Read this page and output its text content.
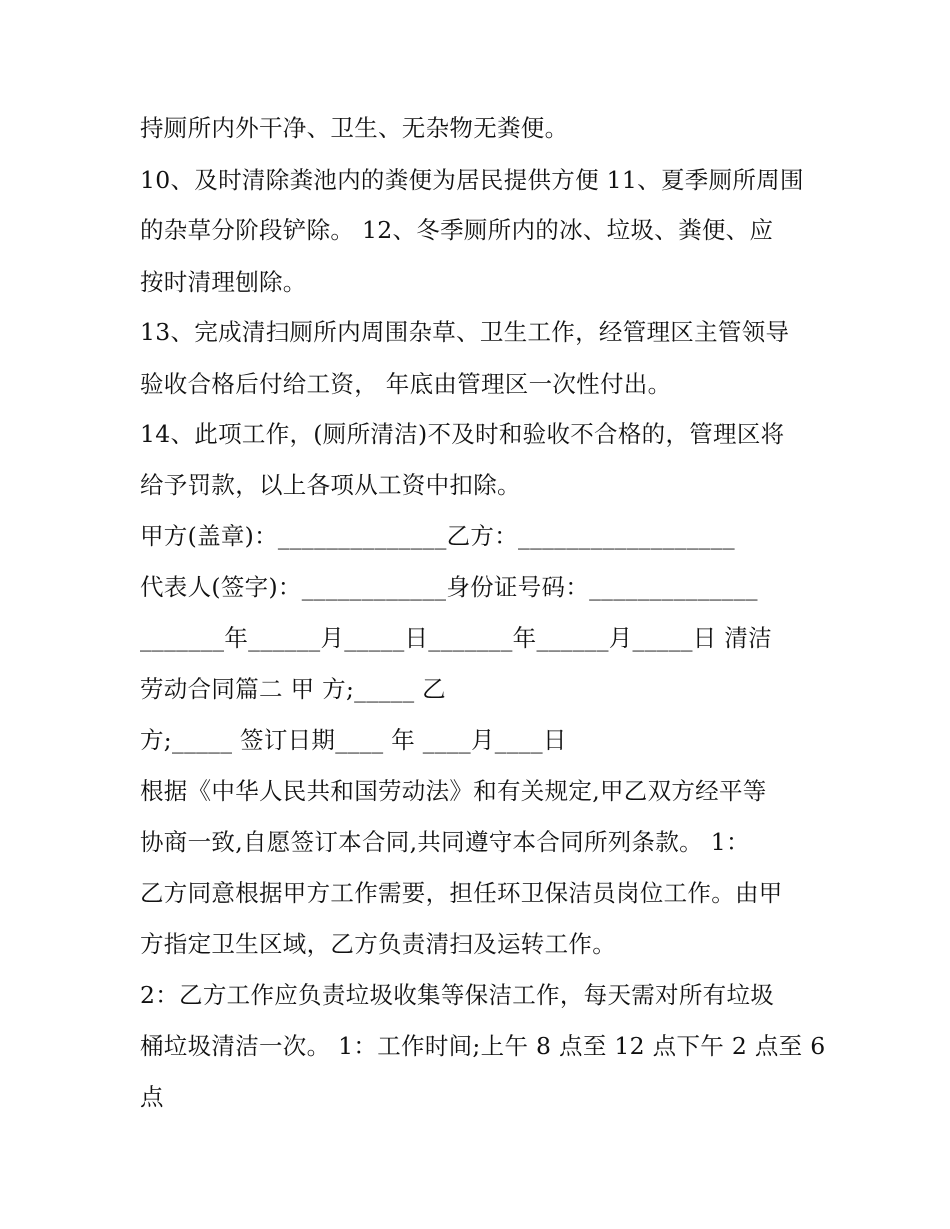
持厕所内外干净、卫生、无杂物无粪便。
10、及时清除粪池内的粪便为居民提供方便 11、夏季厕所周围
的杂草分阶段铲除。 12、冬季厕所内的冰、垃圾、粪便、应
按时清理刨除。
13、完成清扫厕所内周围杂草、卫生工作，经管理区主管领导
验收合格后付给工资， 年底由管理区一次性付出。
14、此项工作，(厕所清洁)不及时和验收不合格的，管理区将
给予罚款，以上各项从工资中扣除。
甲方(盖章)：______________乙方：__________________
代表人(签字)：____________身份证号码：______________
_______年______月_____日_______年______月_____日 清洁
劳动合同篇二 甲 方;_____ 乙
方;_____ 签订日期____ 年 ____月____日
根据《中华人民共和国劳动法》和有关规定,甲乙双方经平等
协商一致,自愿签订本合同,共同遵守本合同所列条款。 1：
乙方同意根据甲方工作需要，担任环卫保洁员岗位工作。由甲
方指定卫生区域，乙方负责清扫及运转工作。
2：乙方工作应负责垃圾收集等保洁工作，每天需对所有垃圾
桶垃圾清洁一次。 1：工作时间;上午 8 点至 12 点下午 2 点至 6
点
